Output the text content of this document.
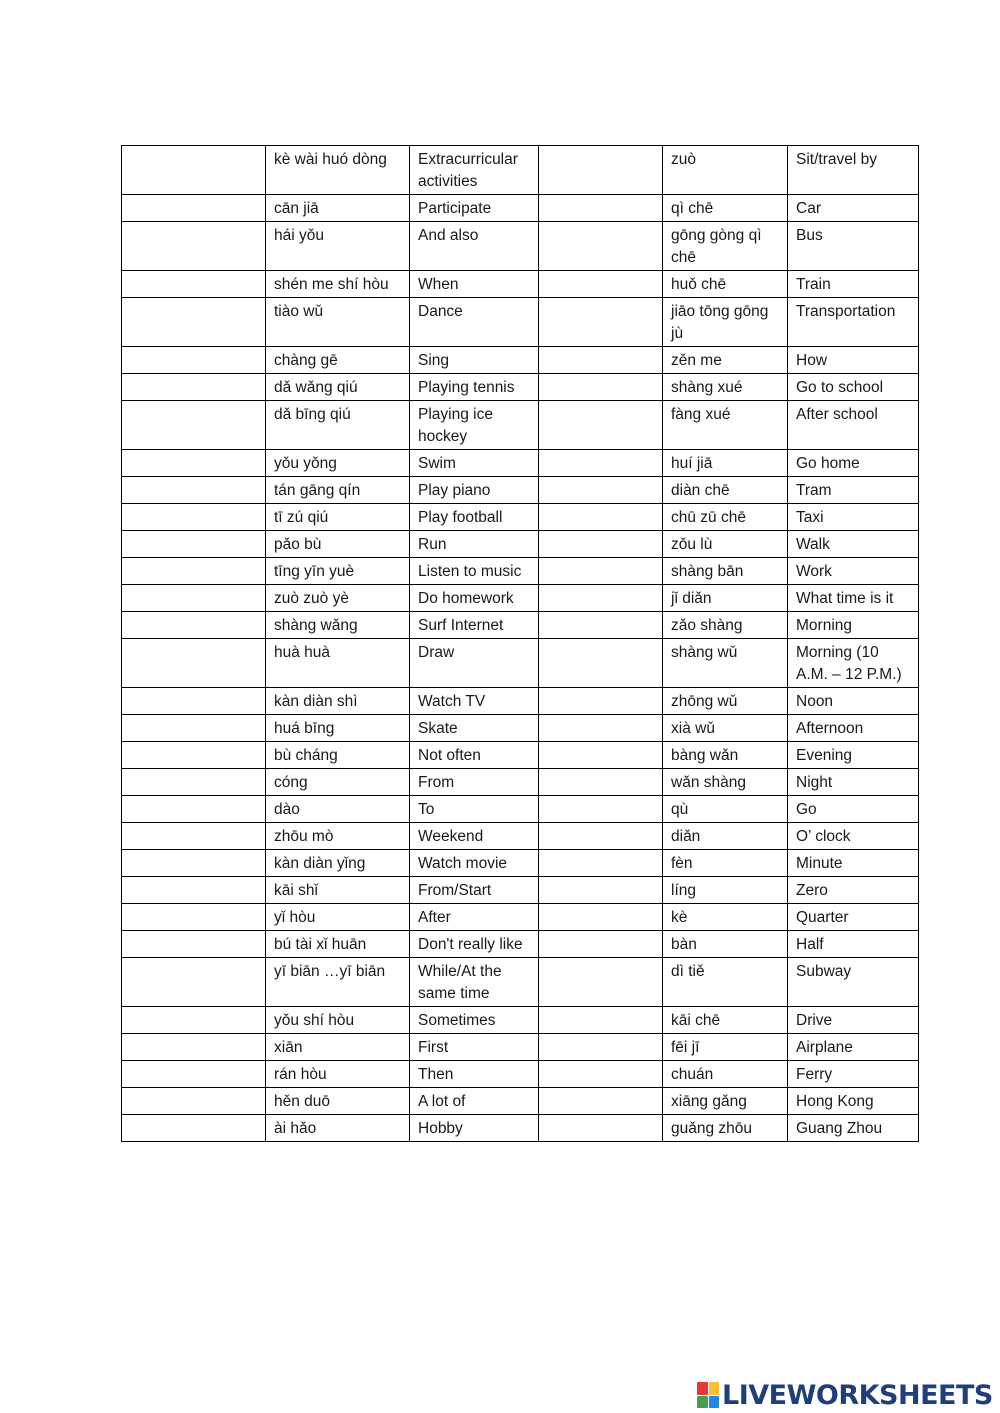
	kè wài huó dòng	Extracurricular activities		zuò	Sit/travel by
	cān jiā	Participate		qì chē	Car
	hái yǒu	And also		gōng gòng qì chē	Bus
	shén me shí hòu	When		huǒ chē	Train
	tiào wǔ	Dance		jiāo tōng gōng jù	Transportation
	chàng gē	Sing		zěn me	How
	dǎ wǎng qiú	Playing tennis		shàng xué	Go to school
	dǎ bīng qiú	Playing ice hockey		fàng xué	After school
	yǒu yǒng	Swim		huí jiā	Go home
	tán gāng qín	Play piano		diàn chē	Tram
	tī zú qiú	Play football		chū zū chē	Taxi
	pǎo bù	Run		zǒu lù	Walk
	tīng yīn yuè	Listen to music		shàng bān	Work
	zuò zuò yè	Do homework		jǐ diǎn	What time is it
	shàng wǎng	Surf Internet		zǎo shàng	Morning
	huà huà	Draw		shàng wǔ	Morning (10 A.M. – 12 P.M.)
	kàn diàn shì	Watch TV		zhōng wǔ	Noon
	huá bīng	Skate		xià wǔ	Afternoon
	bù cháng	Not often		bàng wǎn	Evening
	cóng	From		wǎn shàng	Night
	dào	To		qù	Go
	zhōu mò	Weekend		diǎn	O’ clock
	kàn diàn yǐng	Watch movie		fèn	Minute
	kāi shǐ	From/Start		líng	Zero
	yǐ hòu	After		kè	Quarter
	bú tài xǐ huān	Don't really like		bàn	Half
	yī biān …yī biān	While/At the same time		dì tiě	Subway
	yǒu shí hòu	Sometimes		kāi chē	Drive
	xiān	First		fēi jī	Airplane
	rán hòu	Then		chuán	Ferry
	hěn duō	A lot of		xiāng gǎng	Hong Kong
	ài hǎo	Hobby		guǎng zhōu	Guang Zhou
LIVEWORKSHEETS
